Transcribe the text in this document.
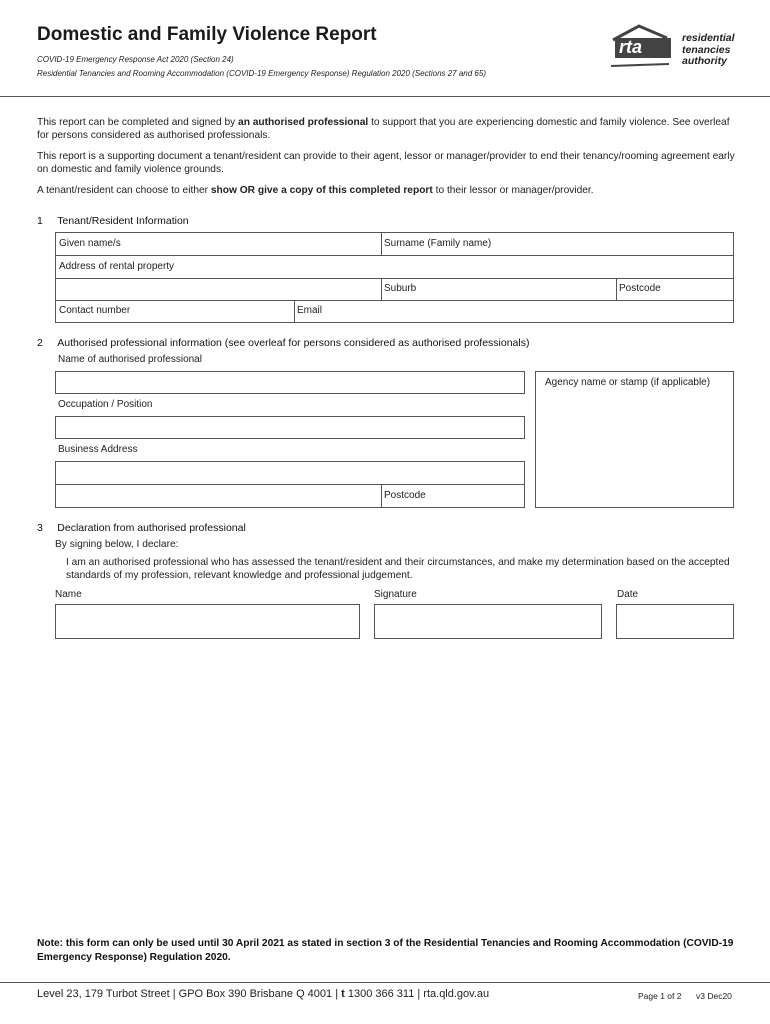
Domestic and Family Violence Report
COVID-19 Emergency Response Act 2020 (Section 24)
Residential Tenancies and Rooming Accommodation (COVID-19 Emergency Response) Regulation 2020 (Sections 27 and 65)
rta	residential
tenancies
authority
This report can be completed and signed by an authorised professional to support that you are experiencing domestic and family violence. See overleaf for persons considered as authorised professionals.
This report is a supporting document a tenant/resident can provide to their agent, lessor or manager/provider to end their tenancy/rooming agreement early on domestic and family violence grounds.
A tenant/resident can choose to either show OR give a copy of this completed report to their lessor or manager/provider.
1 Tenant/Resident Information
Given name/s	Surname (Family name)
Address of rental property
Suburb	Postcode
Contact number	Email
2 Authorised professional information (see overleaf for persons considered as authorised professionals)
Name of authorised professional
Agency name or stamp (if applicable)
Occupation / Position
Business Address
Postcode
3 Declaration from authorised professional
By signing below, I declare:
I am an authorised professional who has assessed the tenant/resident and their circumstances, and make my determination based on the accepted standards of my profession, relevant knowledge and professional judgement.
Name	Signature	Date
Note: this form can only be used until 30 April 2021 as stated in section 3 of the Residential Tenancies and Rooming Accommodation (COVID-19 Emergency Response) Regulation 2020.
Level 23, 179 Turbot Street | GPO Box 390 Brisbane Q 4001 | t 1300 366 311 | rta.qld.gov.au	Page 1 of 2 v3 Dec20
